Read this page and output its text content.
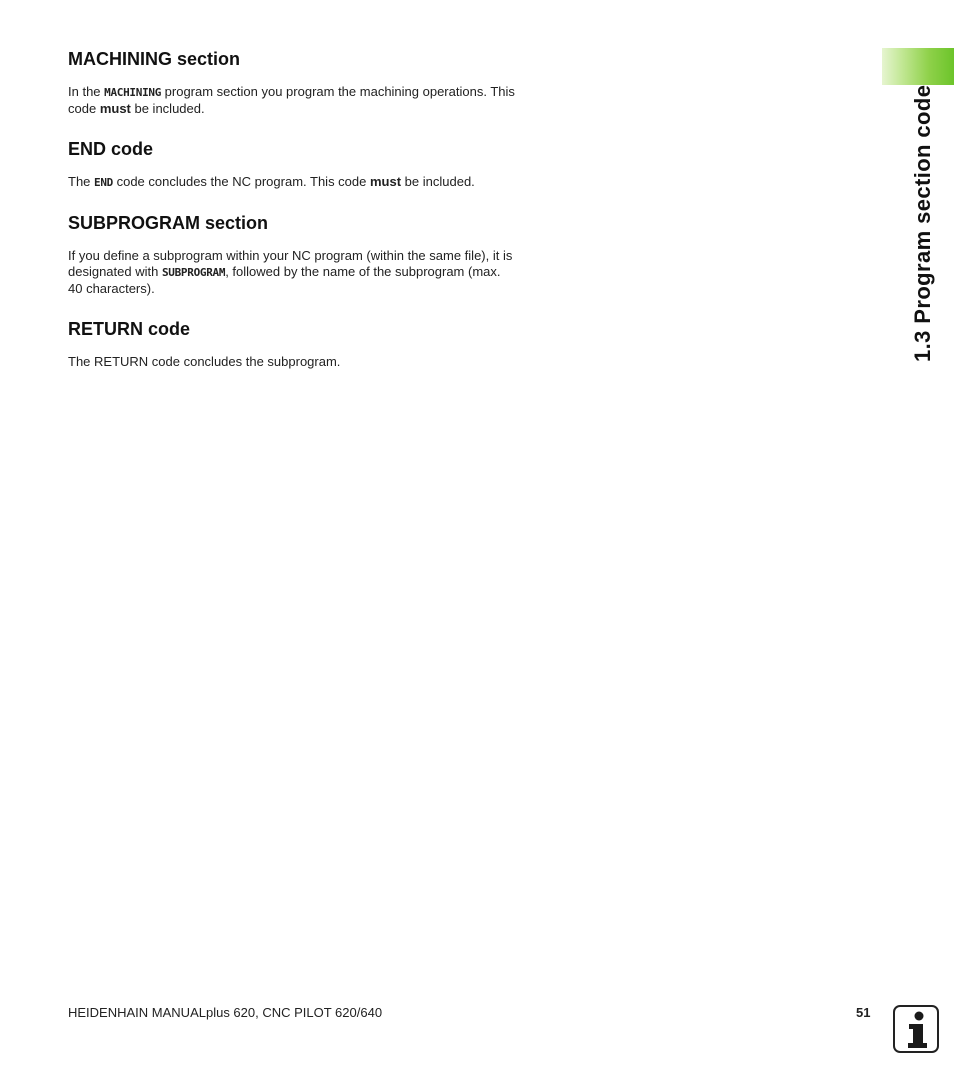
1.3 Program section code
MACHINING section

In the MACHINING program section you program the machining operations. This code must be included.

END code

The END code concludes the NC program. This code must be included.

SUBPROGRAM section

If you define a subprogram within your NC program (within the same file), it is designated with SUBPROGRAM, followed by the name of the subprogram (max. 40 characters).

RETURN code

The RETURN code concludes the subprogram.

HEIDENHAIN MANUALplus 620, CNC PILOT 620/640	51
